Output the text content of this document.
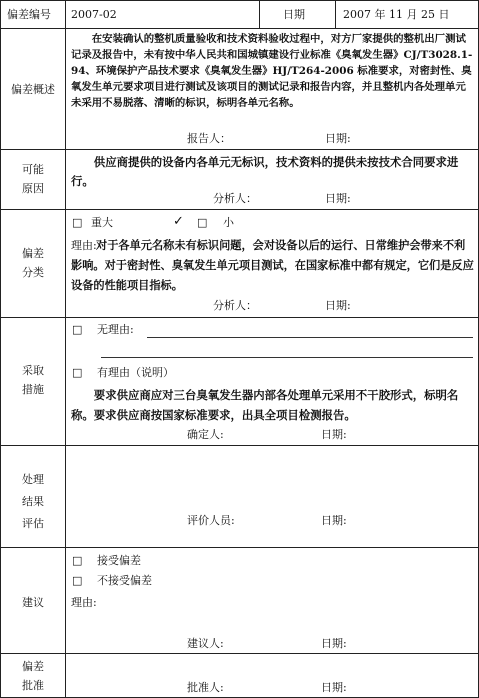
偏差编号 2007-02	日期	2007 年 11 月 25 日
偏差概述
在安装确认的整机质量验收和技术资料验收过程中，对方厂家提供的整机出厂测试记录及报告中，未有按中华人民共和国城镇建设行业标准《臭氧发生器》CJ/T3028.1-94、环境保护产品技术要求《臭氧发生器》HJ/T264-2006 标准要求，对密封性、臭氧发生单元要求项目进行测试及该项目的测试记录和报告内容，并且整机内各处理单元未采用不易脱落、清晰的标识，标明各单元名称。
报告人：	日期:
可能原因
供应商提供的设备内各单元无标识，技术资料的提供未按技术合同要求进行。
分析人：	日期:
偏差分类
□ 重大	✓ □ 小
理由: 对于各单元名称未有标识问题，会对设备以后的运行、日常维护会带来不利影响。对于密封性、臭氧发生单元项目测试，在国家标准中都有规定，它们是反应设备的性能项目指标。
分析人：	日期:
采取措施
□ 无理由:
□ 有理由（说明）
要求供应商应对三台臭氧发生器内部各处理单元采用不干胶形式，标明名称。要求供应商按国家标准要求，出具全项目检测报告。
确定人:	日期:
处理结果评估	评价人员:	日期:
建议
□ 接受偏差
□ 不接受偏差
理由:
建议人:	日期:
偏差批准	批准人:	日期:
